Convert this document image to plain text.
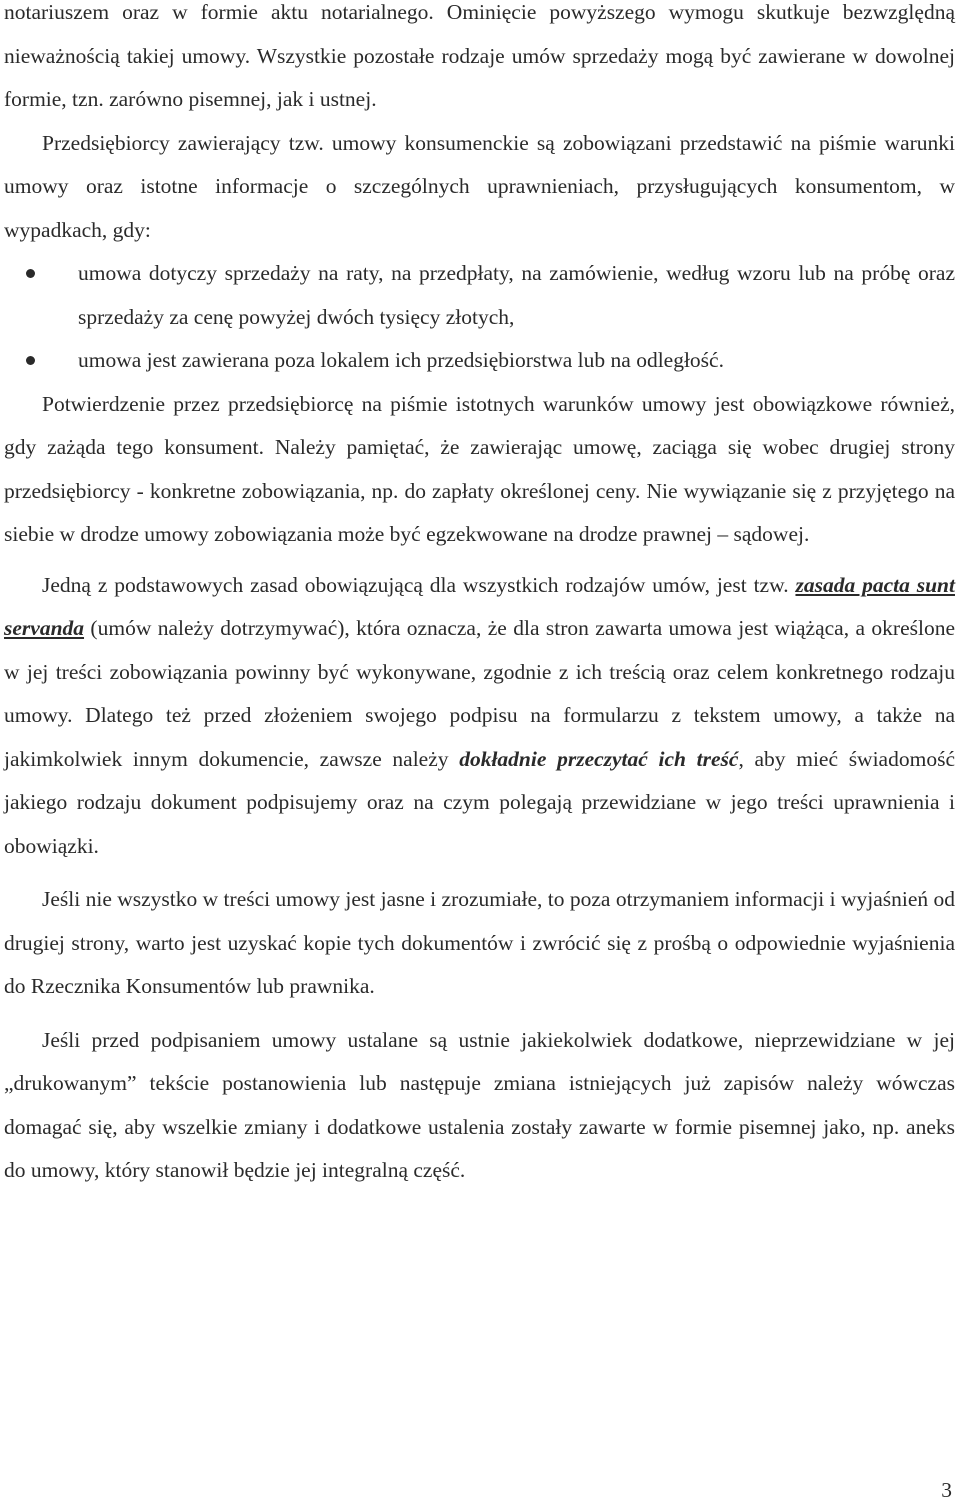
notariuszem oraz w formie aktu notarialnego. Ominięcie powyższego wymogu skutkuje bezwzględną nieważnością takiej umowy. Wszystkie pozostałe rodzaje umów sprzedaży mogą być zawierane w dowolnej formie, tzn. zarówno pisemnej, jak i ustnej.

Przedsiębiorcy zawierający tzw. umowy konsumenckie są zobowiązani przedstawić na piśmie warunki umowy oraz istotne informacje o szczególnych uprawnieniach, przysługujących konsumentom, w wypadkach, gdy:

umowa dotyczy sprzedaży na raty, na przedpłaty, na zamówienie, według wzoru lub na próbę oraz sprzedaży za cenę powyżej dwóch tysięcy złotych,
umowa jest zawierana poza lokalem ich przedsiębiorstwa lub na odległość.

Potwierdzenie przez przedsiębiorcę na piśmie istotnych warunków umowy jest obowiązkowe również, gdy zażąda tego konsument. Należy pamiętać, że zawierając umowę, zaciąga się wobec drugiej strony przedsiębiorcy - konkretne zobowiązania, np. do zapłaty określonej ceny. Nie wywiązanie się z przyjętego na siebie w drodze umowy zobowiązania może być egzekwowane na drodze prawnej – sądowej.

Jedną z podstawowych zasad obowiązującą dla wszystkich rodzajów umów, jest tzw. zasada pacta sunt servanda (umów należy dotrzymywać), która oznacza, że dla stron zawarta umowa jest wiążąca, a określone w jej treści zobowiązania powinny być wykonywane, zgodnie z ich treścią oraz celem konkretnego rodzaju umowy. Dlatego też przed złożeniem swojego podpisu na formularzu z tekstem umowy, a także na jakimkolwiek innym dokumencie, zawsze należy dokładnie przeczytać ich treść, aby mieć świadomość jakiego rodzaju dokument podpisujemy oraz na czym polegają przewidziane w jego treści uprawnienia i obowiązki.

Jeśli nie wszystko w treści umowy jest jasne i zrozumiałe, to poza otrzymaniem informacji i wyjaśnień od drugiej strony, warto jest uzyskać kopie tych dokumentów i zwrócić się z prośbą o odpowiednie wyjaśnienia do Rzecznika Konsumentów lub prawnika.

Jeśli przed podpisaniem umowy ustalane są ustnie jakiekolwiek dodatkowe, nieprzewidziane w jej „drukowanym” tekście postanowienia lub następuje zmiana istniejących już zapisów należy wówczas domagać się, aby wszelkie zmiany i dodatkowe ustalenia zostały zawarte w formie pisemnej jako, np. aneks do umowy, który stanowił będzie jej integralną część.

3
